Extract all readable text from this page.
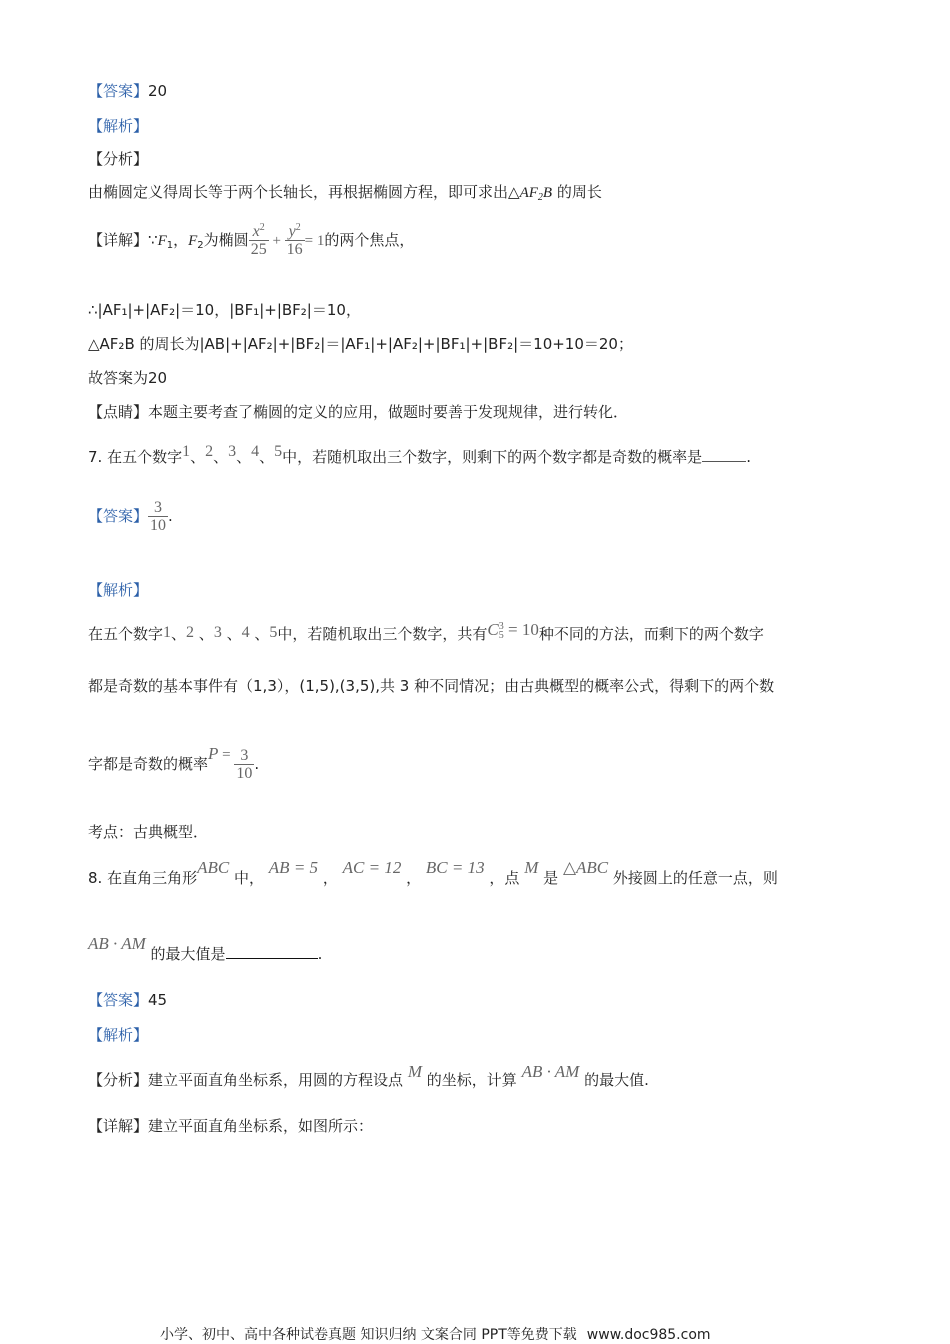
【答案】20
【解析】
【分析】
由椭圆定义得周长等于两个长轴长，再根据椭圆方程，即可求出$\triangle AF_2B$ 的周长
【详解】$\because F_1$，$F_2$为椭圆 $\frac{x^2}{25} + \frac{y^2}{16} = 1$的两个焦点，
∴|AF₁|+|AF₂|＝10，|BF₁|+|BF₂|＝10，
△AF₂B 的周长为|AB|+|AF₂|+|BF₂|＝|AF₁|+|AF₂|+|BF₁|+|BF₂|＝10+10＝20；
故答案为20
【点睛】本题主要考查了椭圆的定义的应用，做题时要善于发现规律，进行转化．
7. 在五个数字1、2、3、4、5中，若随机取出三个数字，则剩下的两个数字都是奇数的概率是	.
【答案】 $\frac{3}{10}$ .
【解析】
在五个数字1、2 、3 、4 、5中，若随机取出三个数字，共有$C_5^3 = 10$种不同的方法，而剩下的两个数字
都是奇数的基本事件有（1,3），(1,5),(3,5),共 3 种不同情况；由古典概型的概率公式，得剩下的两个数
字都是奇数的概率$P = \frac{3}{10}$ .
考点：古典概型．
8. 在直角三角形ABC 中， AB = 5 ， AC = 12 ， BC = 13 ，点 M 是 △ABC 外接圆上的任意一点，则
AB · AM 的最大值是	.
【答案】45
【解析】
【分析】建立平面直角坐标系，用圆的方程设点 M 的坐标，计算 AB · AM 的最大值.
【详解】建立平面直角坐标系，如图所示：
小学、初中、高中各种试卷真题 知识归纳 文案合同 PPT等免费下载 www.doc985.com
